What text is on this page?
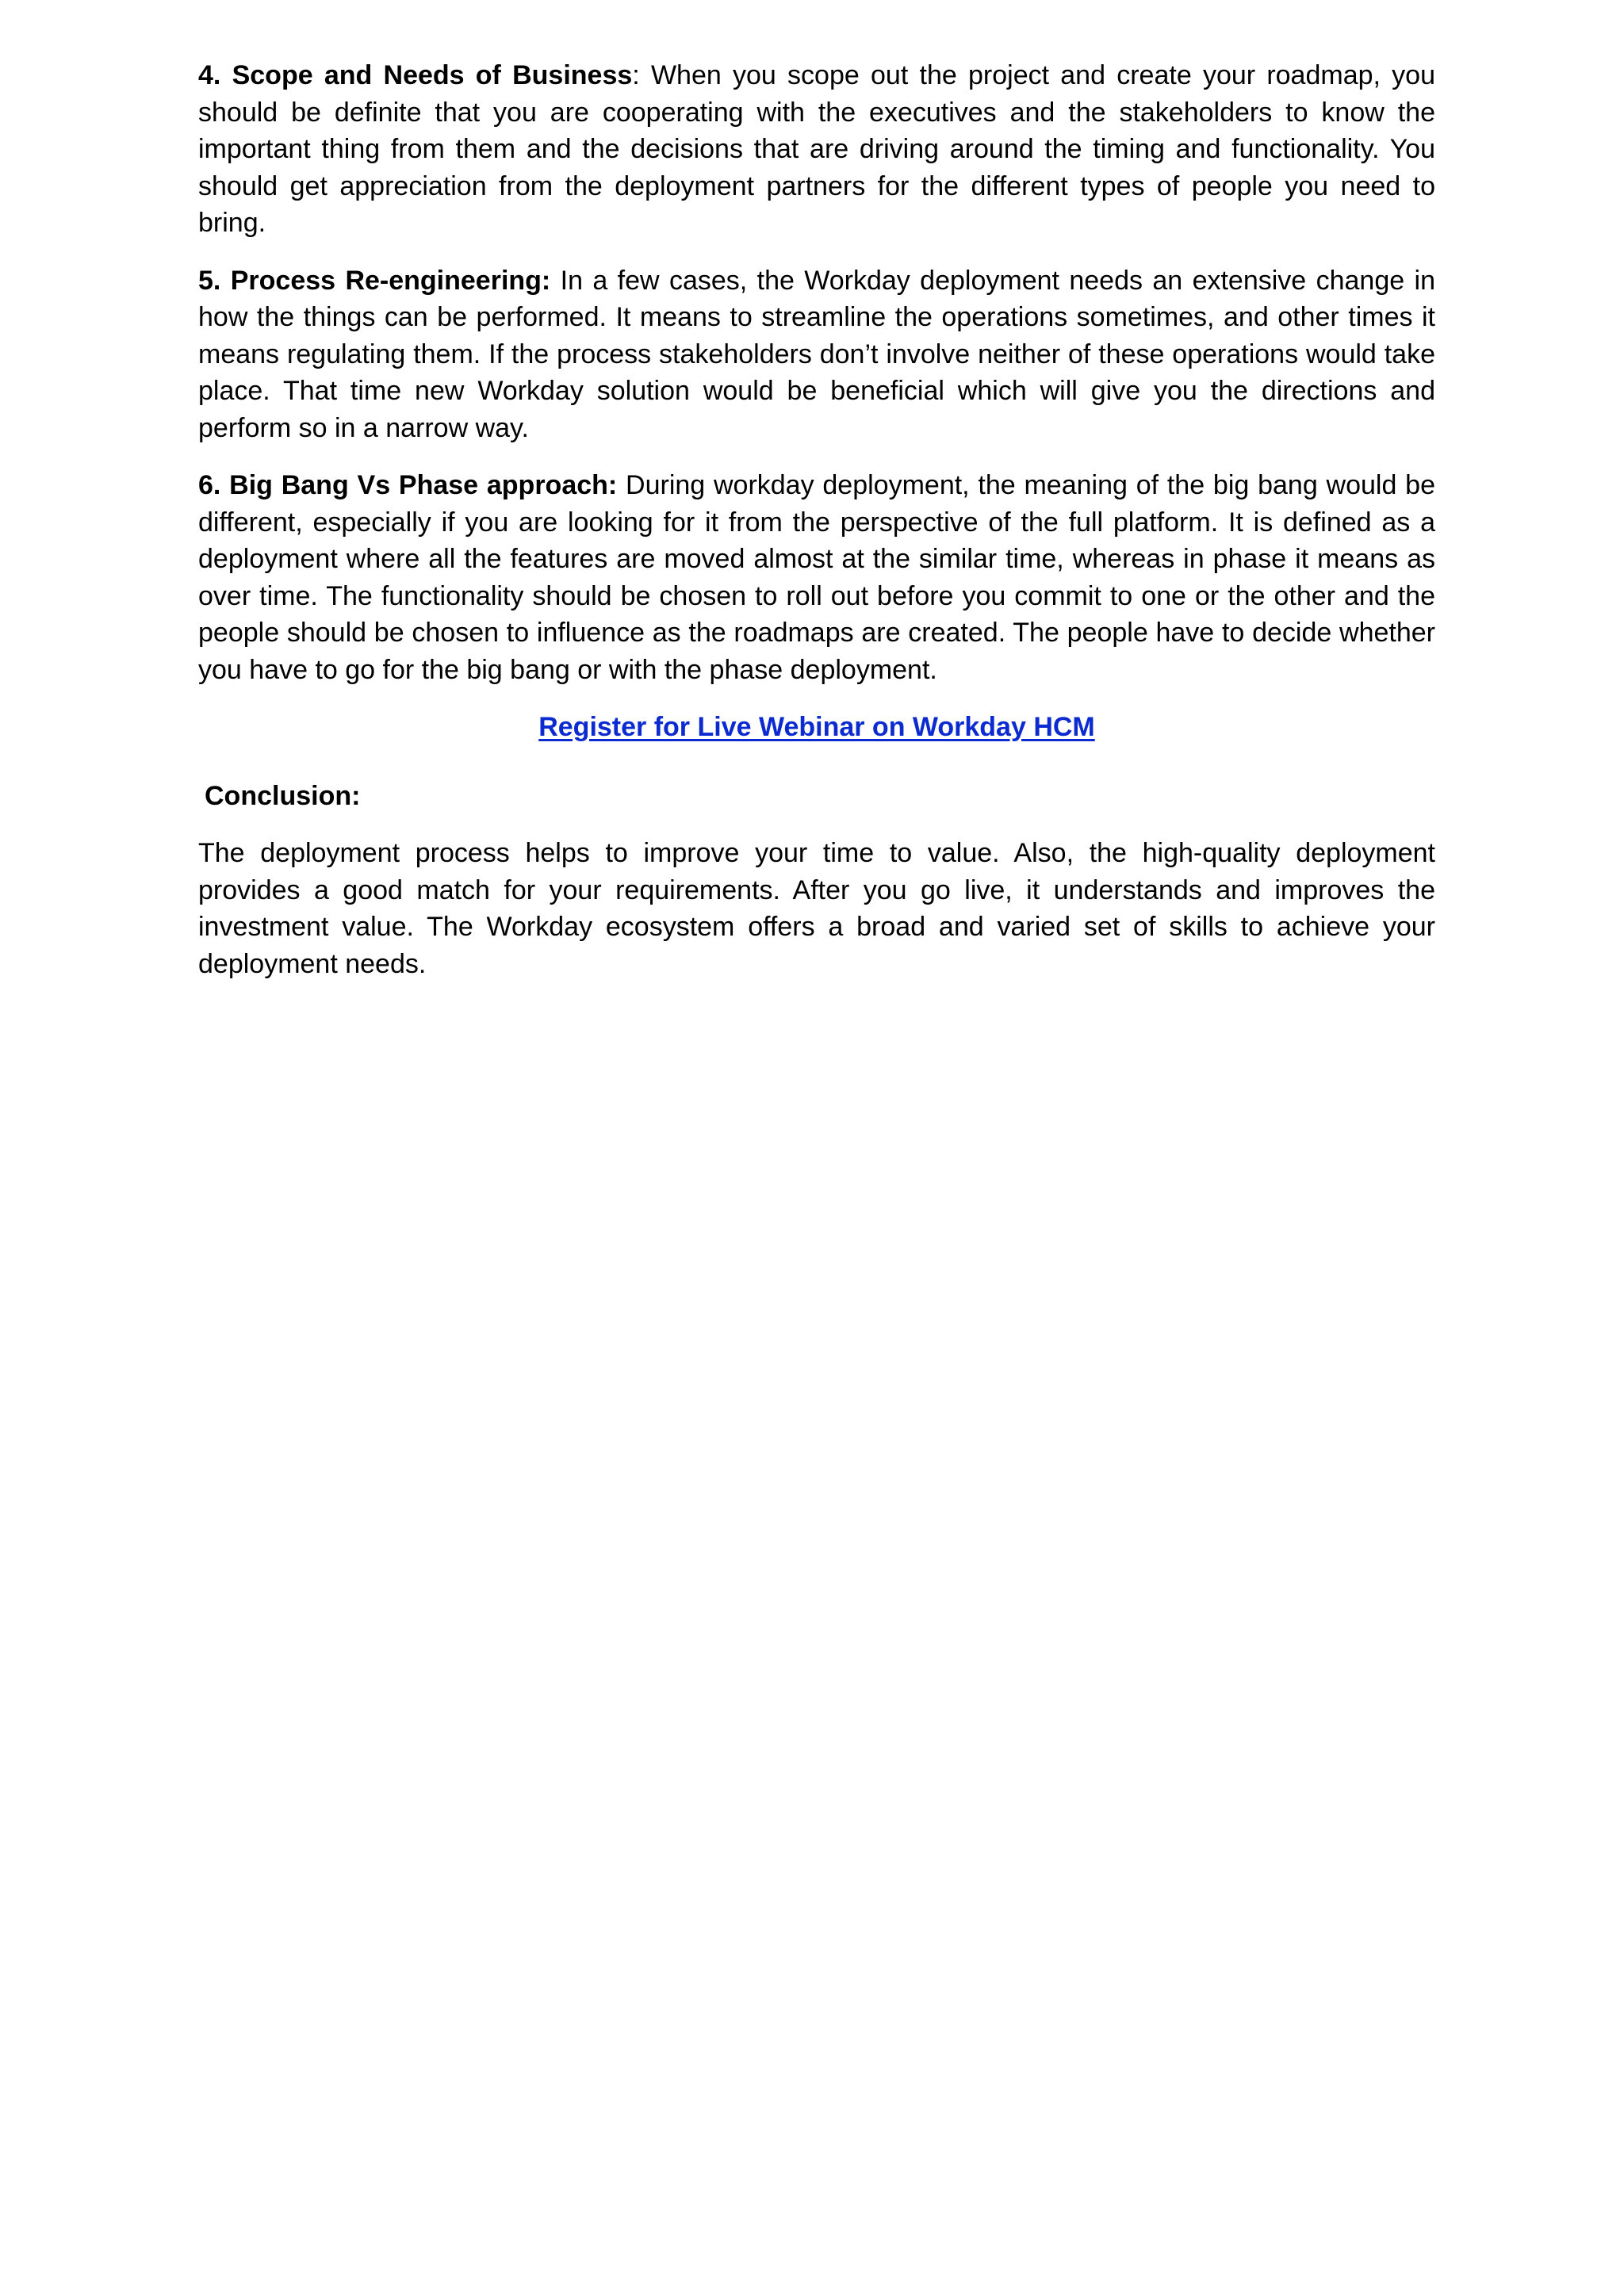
4. Scope and Needs of Business: When you scope out the project and create your roadmap, you should be definite that you are cooperating with the executives and the stakeholders to know the important thing from them and the decisions that are driving around the timing and functionality. You should get appreciation from the deployment partners for the different types of people you need to bring.

5. Process Re-engineering: In a few cases, the Workday deployment needs an extensive change in how the things can be performed. It means to streamline the operations sometimes, and other times it means regulating them. If the process stakeholders don’t involve neither of these operations would take place. That time new Workday solution would be beneficial which will give you the directions and perform so in a narrow way.

6. Big Bang Vs Phase approach: During workday deployment, the meaning of the big bang would be different, especially if you are looking for it from the perspective of the full platform. It is defined as a deployment where all the features are moved almost at the similar time, whereas in phase it means as over time. The functionality should be chosen to roll out before you commit to one or the other and the people should be chosen to influence as the roadmaps are created. The people have to decide whether you have to go for the big bang or with the phase deployment.

Register for Live Webinar on Workday HCM
Conclusion:

The deployment process helps to improve your time to value. Also, the high-quality deployment provides a good match for your requirements. After you go live, it understands and improves the investment value. The Workday ecosystem offers a broad and varied set of skills to achieve your deployment needs.
